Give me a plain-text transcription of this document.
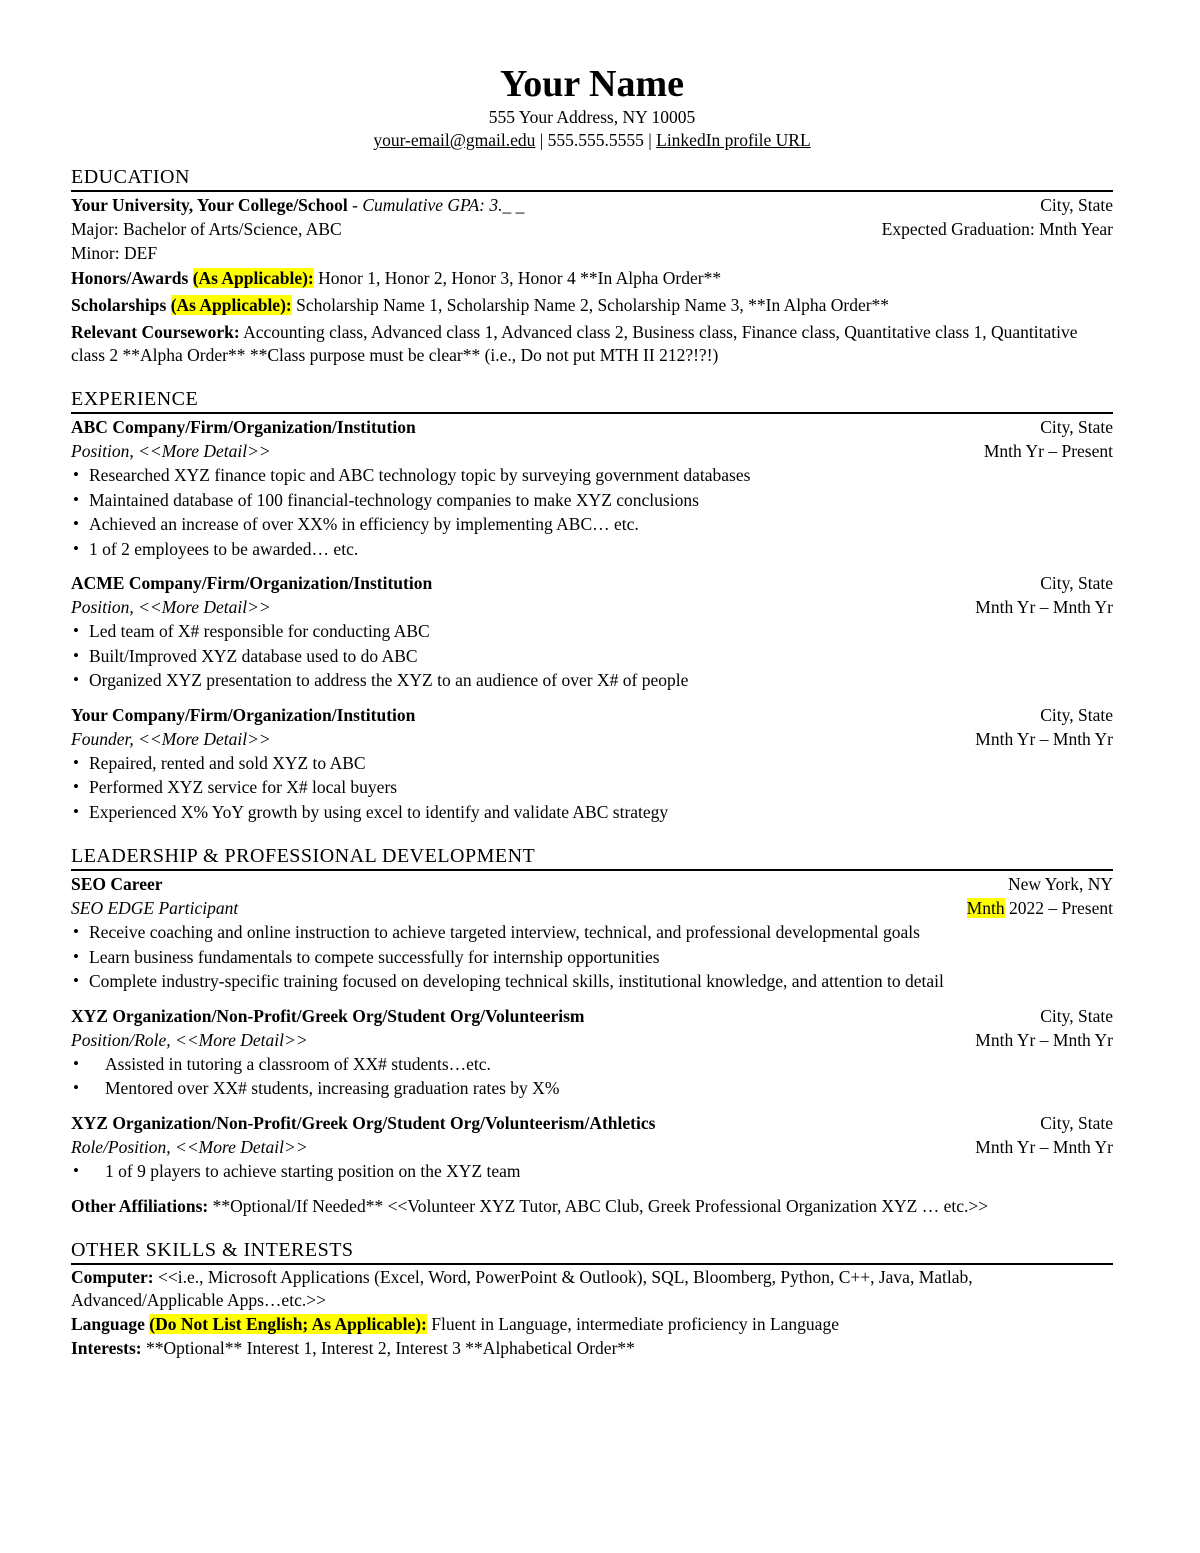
Your Name
555 Your Address, NY 10005
your-email@gmail.edu | 555.555.5555 | LinkedIn profile URL
EDUCATION
Your University, Your College/School - Cumulative GPA: 3._ _	City, State
Major: Bachelor of Arts/Science, ABC	Expected Graduation: Mnth Year
Minor: DEF
Honors/Awards (As Applicable): Honor 1, Honor 2, Honor 3, Honor 4 **In Alpha Order**
Scholarships (As Applicable): Scholarship Name 1, Scholarship Name 2, Scholarship Name 3, **In Alpha Order**
Relevant Coursework: Accounting class, Advanced class 1, Advanced class 2, Business class, Finance class, Quantitative class 1, Quantitative class 2 **Alpha Order** **Class purpose must be clear** (i.e., Do not put MTH II 212?!?!)
EXPERIENCE
ABC Company/Firm/Organization/Institution	City, State
Position, <<More Detail>>	Mnth Yr – Present
• Researched XYZ finance topic and ABC technology topic by surveying government databases
• Maintained database of 100 financial-technology companies to make XYZ conclusions
• Achieved an increase of over XX% in efficiency by implementing ABC… etc.
• 1 of 2 employees to be awarded… etc.
ACME Company/Firm/Organization/Institution	City, State
Position, <<More Detail>>	Mnth Yr – Mnth Yr
• Led team of X# responsible for conducting ABC
• Built/Improved XYZ database used to do ABC
• Organized XYZ presentation to address the XYZ to an audience of over X# of people
Your Company/Firm/Organization/Institution	City, State
Founder, <<More Detail>>	Mnth Yr – Mnth Yr
• Repaired, rented and sold XYZ to ABC
• Performed XYZ service for X# local buyers
• Experienced X% YoY growth by using excel to identify and validate ABC strategy
LEADERSHIP & PROFESSIONAL DEVELOPMENT
SEO Career	New York, NY
SEO EDGE Participant	Mnth 2022 – Present
• Receive coaching and online instruction to achieve targeted interview, technical, and professional developmental goals
• Learn business fundamentals to compete successfully for internship opportunities
• Complete industry-specific training focused on developing technical skills, institutional knowledge, and attention to detail
XYZ Organization/Non-Profit/Greek Org/Student Org/Volunteerism	City, State
Position/Role, <<More Detail>>	Mnth Yr – Mnth Yr
• Assisted in tutoring a classroom of XX# students…etc.
• Mentored over XX# students, increasing graduation rates by X%
XYZ Organization/Non-Profit/Greek Org/Student Org/Volunteerism/Athletics	City, State
Role/Position, <<More Detail>>	Mnth Yr – Mnth Yr
• 1 of 9 players to achieve starting position on the XYZ team
Other Affiliations: **Optional/If Needed** <<Volunteer XYZ Tutor, ABC Club, Greek Professional Organization XYZ … etc.>>
OTHER SKILLS & INTERESTS
Computer: <<i.e., Microsoft Applications (Excel, Word, PowerPoint & Outlook), SQL, Bloomberg, Python, C++, Java, Matlab, Advanced/Applicable Apps…etc.>>
Language (Do Not List English; As Applicable): Fluent in Language, intermediate proficiency in Language
Interests: **Optional** Interest 1, Interest 2, Interest 3 **Alphabetical Order**
